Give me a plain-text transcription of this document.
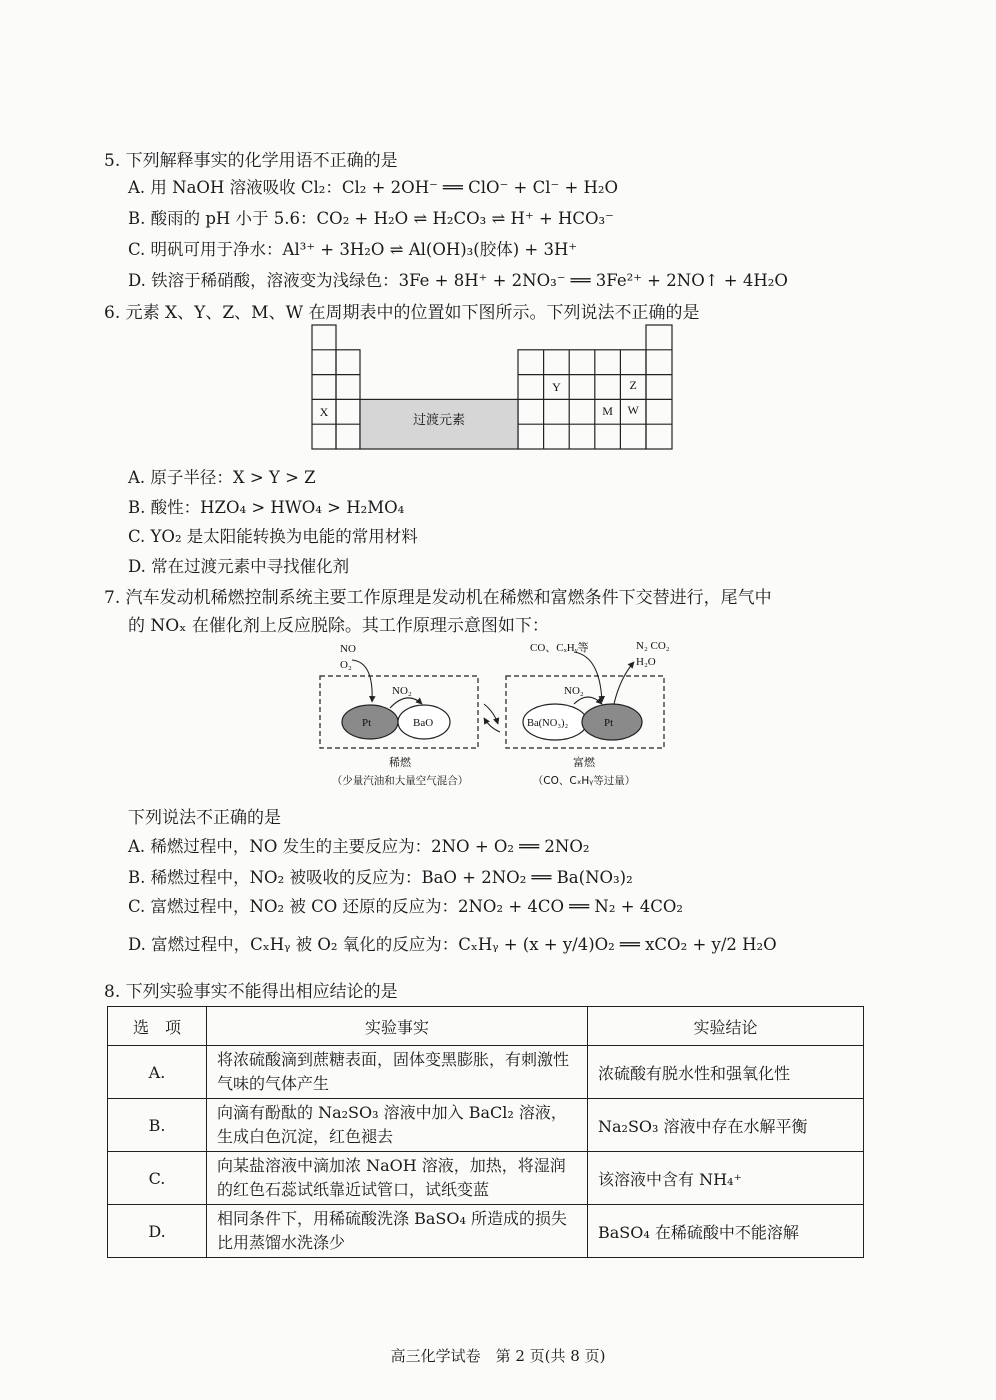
5. 下列解释事实的化学用语不正确的是
A. 用 NaOH 溶液吸收 Cl₂：Cl₂ + 2OH⁻ ══ ClO⁻ + Cl⁻ + H₂O
B. 酸雨的 pH 小于 5.6：CO₂ + H₂O ⇌ H₂CO₃ ⇌ H⁺ + HCO₃⁻
C. 明矾可用于净水：Al³⁺ + 3H₂O ⇌ Al(OH)₃(胶体) + 3H⁺
D. 铁溶于稀硝酸，溶液变为浅绿色：3Fe + 8H⁺ + 2NO₃⁻ ══ 3Fe²⁺ + 2NO↑ + 4H₂O
6. 元素 X、Y、Z、M、W 在周期表中的位置如下图所示。下列说法不正确的是
X
Y	Z
M W
过渡元素
A. 原子半径：X > Y > Z
B. 酸性：HZO₄ > HWO₄ > H₂MO₄
C. YO₂ 是太阳能转换为电能的常用材料
D. 常在过渡元素中寻找催化剂
7. 汽车发动机稀燃控制系统主要工作原理是发动机在稀燃和富燃条件下交替进行，尾气中
的 NOₓ 在催化剂上反应脱除。其工作原理示意图如下：
NO
O₂
NO₂
Pt	BaO
CO、CₓHᵧ等	N₂ CO₂
H₂O
NO₂
Ba(NO₃)₂	Pt
稀燃
（少量汽油和大量空气混合）
富燃
（CO、CₓHᵧ等过量）
下列说法不正确的是
A. 稀燃过程中，NO 发生的主要反应为：2NO + O₂ ══ 2NO₂
B. 稀燃过程中，NO₂ 被吸收的反应为：BaO + 2NO₂ ══ Ba(NO₃)₂
C. 富燃过程中，NO₂ 被 CO 还原的反应为：2NO₂ + 4CO ══ N₂ + 4CO₂
D. 富燃过程中，CₓHᵧ 被 O₂ 氧化的反应为：CₓHᵧ + (x + y/4)O₂ ══ xCO₂ + y/2 H₂O
8. 下列实验事实不能得出相应结论的是
选　项	实验事实	实验结论
A.	将浓硫酸滴到蔗糖表面，固体变黑膨胀，有刺激性气味的气体产生	浓硫酸有脱水性和强氧化性
B.	向滴有酚酞的 Na₂SO₃ 溶液中加入 BaCl₂ 溶液，生成白色沉淀，红色褪去	Na₂SO₃ 溶液中存在水解平衡
C.	向某盐溶液中滴加浓 NaOH 溶液，加热，将湿润的红色石蕊试纸靠近试管口，试纸变蓝	该溶液中含有 NH₄⁺
D.	相同条件下，用稀硫酸洗涤 BaSO₄ 所造成的损失比用蒸馏水洗涤少	BaSO₄ 在稀硫酸中不能溶解
高三化学试卷　第 2 页(共 8 页)
